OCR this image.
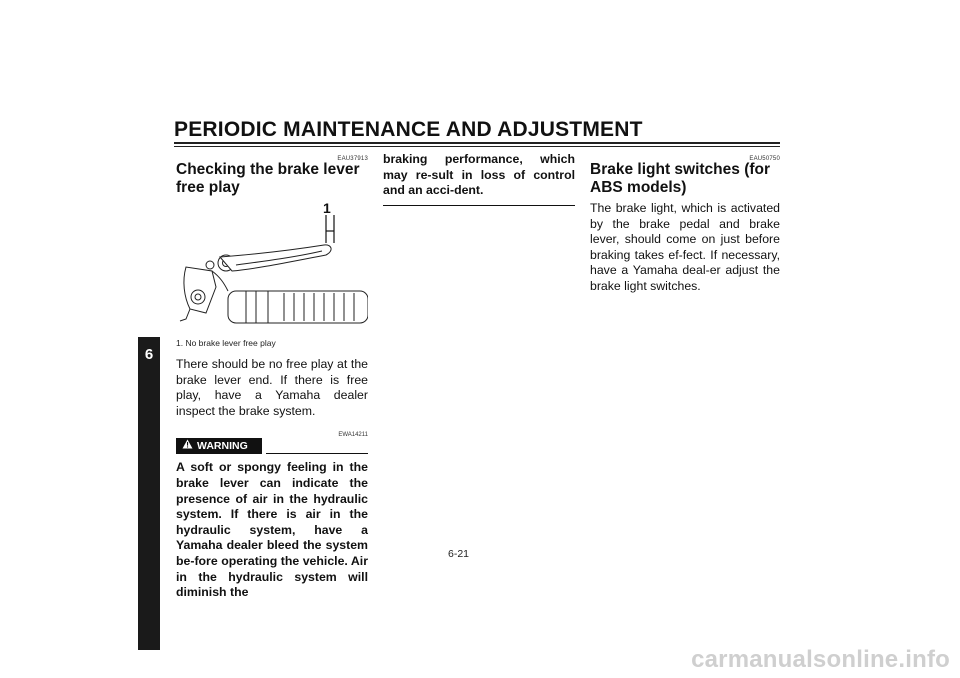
PERIODIC MAINTENANCE AND ADJUSTMENT
6
EAU37913
Checking the brake lever free play
1
1. No brake lever free play

There should be no free play at the brake lever end. If there is free play, have a Yamaha dealer inspect the brake system.

EWA14211
WARNING

A soft or spongy feeling in the brake lever can indicate the presence of air in the hydraulic system. If there is air in the hydraulic system, have a Yamaha dealer bleed the system be-fore operating the vehicle. Air in the hydraulic system will diminish the

braking performance, which may re-sult in loss of control and an acci-dent.

EAU50750
Brake light switches (for ABS models)

The brake light, which is activated by the brake pedal and brake lever, should come on just before braking takes ef-fect. If necessary, have a Yamaha deal-er adjust the brake light switches.

6-21
carmanualsonline.info
